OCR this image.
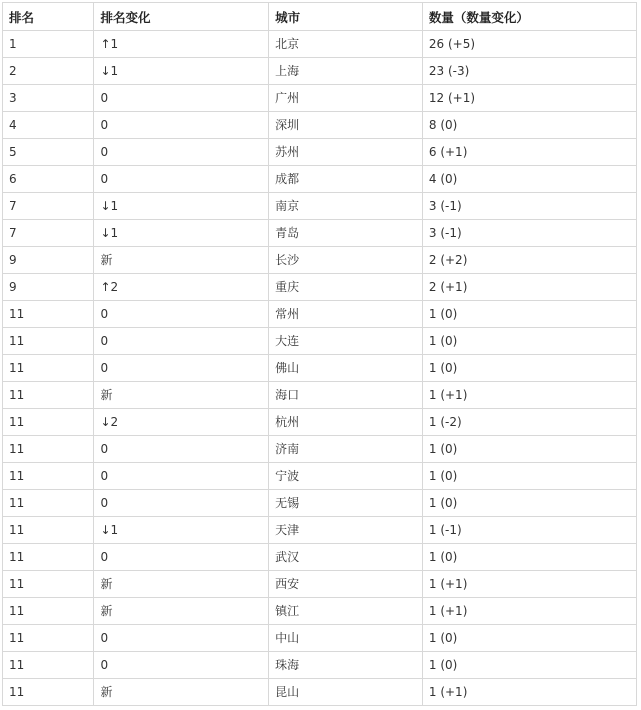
排名	排名变化	城市	数量（数量变化）
1	↑1	北京	26 (+5)
2	↓1	上海	23 (-3)
3	0	广州	12 (+1)
4	0	深圳	8 (0)
5	0	苏州	6 (+1)
6	0	成都	4 (0)
7	↓1	南京	3 (-1)
7	↓1	青岛	3 (-1)
9	新	长沙	2 (+2)
9	↑2	重庆	2 (+1)
11	0	常州	1 (0)
11	0	大连	1 (0)
11	0	佛山	1 (0)
11	新	海口	1 (+1)
11	↓2	杭州	1 (-2)
11	0	济南	1 (0)
11	0	宁波	1 (0)
11	0	无锡	1 (0)
11	↓1	天津	1 (-1)
11	0	武汉	1 (0)
11	新	西安	1 (+1)
11	新	镇江	1 (+1)
11	0	中山	1 (0)
11	0	珠海	1 (0)
11	新	昆山	1 (+1)
